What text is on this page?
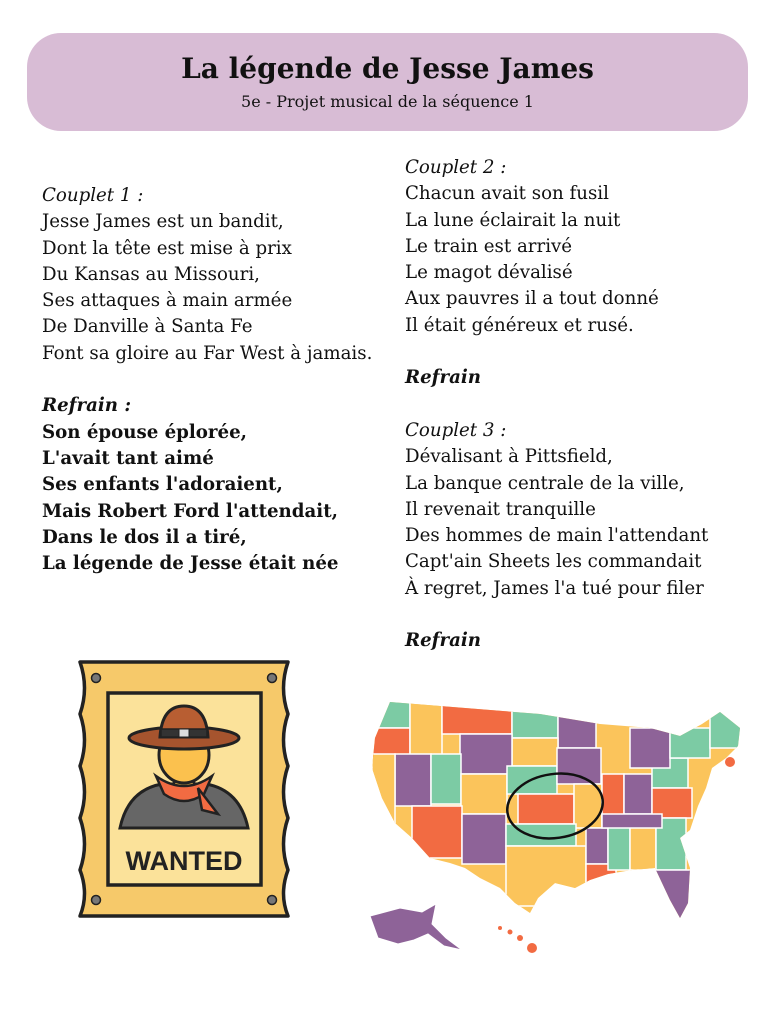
La légende de Jesse James
5e - Projet musical de la séquence 1

Couplet 1 :

Jesse James est un bandit,

Dont la tête est mise à prix

Du Kansas au Missouri,

Ses attaques à main armée

De Danville à Santa Fe

Font sa gloire au Far West à jamais.

Refrain :

Son épouse éplorée,

L'avait tant aimé

Ses enfants l'adoraient,

Mais Robert Ford l'attendait,

Dans le dos il a tiré,

La légende de Jesse était née

Couplet 2 :

Chacun avait son fusil

La lune éclairait la nuit

Le train est arrivé

Le magot dévalisé

Aux pauvres il a tout donné

Il était généreux et rusé.

Refrain

Couplet 3 :

Dévalisant à Pittsfield,

La banque centrale de la ville,

Il revenait tranquille

Des hommes de main l'attendant

Capt'ain Sheets les commandait

À regret, James l'a tué pour filer

Refrain

WANTED
